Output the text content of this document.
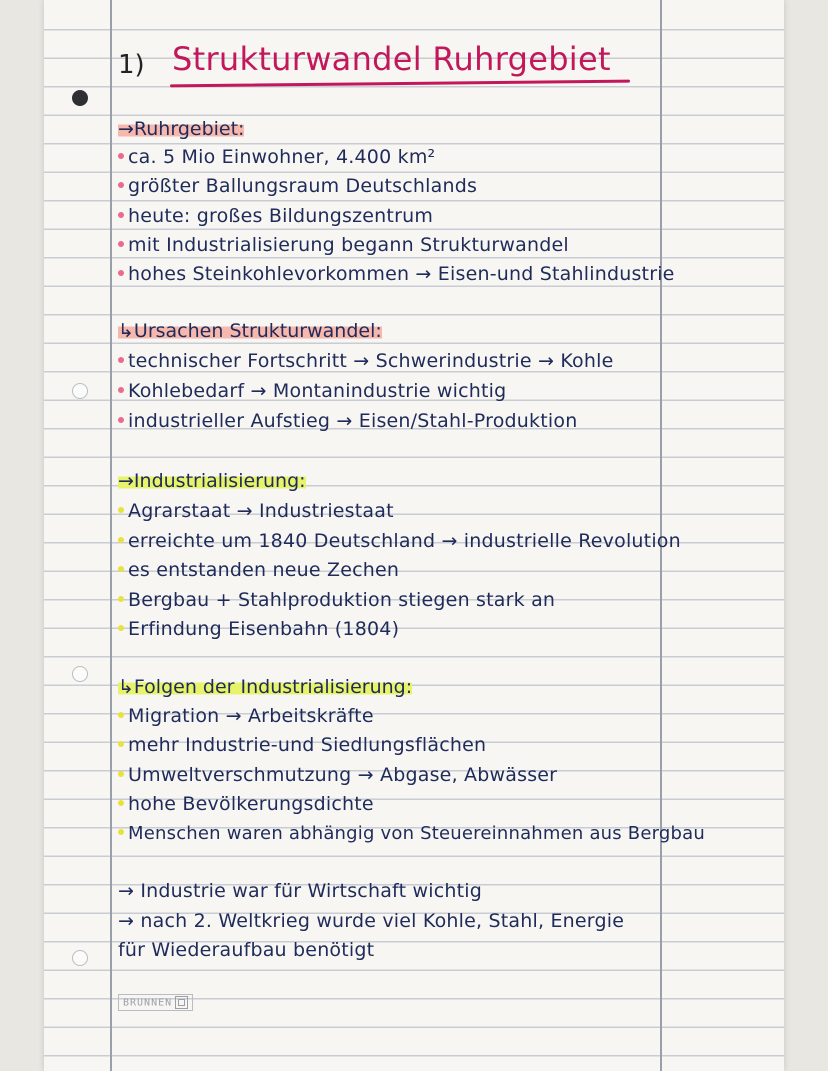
1) Strukturwandel Ruhrgebiet
→Ruhrgebiet:
ca. 5 Mio Einwohner, 4.400 km²
größter Ballungsraum Deutschlands
heute: großes Bildungszentrum
mit Industrialisierung begann Strukturwandel
hohes Steinkohlevorkommen → Eisen-und Stahlindustrie
↳Ursachen Strukturwandel:
technischer Fortschritt → Schwerindustrie → Kohle
Kohlebedarf → Montanindustrie wichtig
industrieller Aufstieg → Eisen/Stahl-Produktion
→Industrialisierung:
Agrarstaat → Industriestaat
erreichte um 1840 Deutschland → industrielle Revolution
es entstanden neue Zechen
Bergbau + Stahlproduktion stiegen stark an
Erfindung Eisenbahn (1804)
↳Folgen der Industrialisierung:
Migration → Arbeitskräfte
mehr Industrie-und Siedlungsflächen
Umweltverschmutzung → Abgase, Abwässer
hohe Bevölkerungsdichte
Menschen waren abhängig von Steuereinnahmen aus Bergbau
→ Industrie war für Wirtschaft wichtig
→ nach 2. Weltkrieg wurde viel Kohle, Stahl, Energie
für Wiederaufbau benötigt
BRUNNEN
